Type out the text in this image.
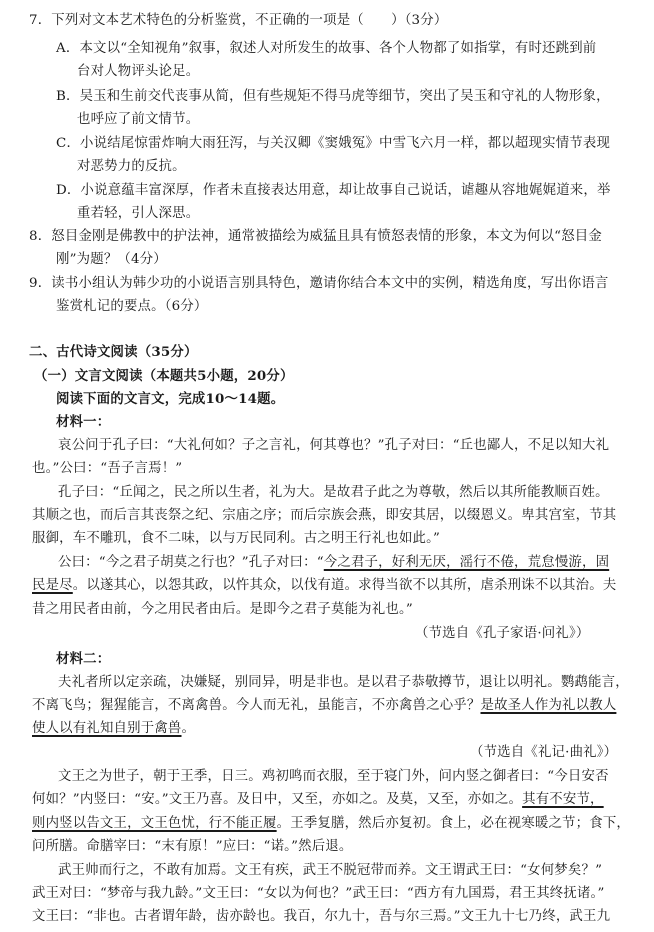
7．下列对文本艺术特色的分析鉴赏，不正确的一项是（　　）（3分）
A．本文以“全知视角”叙事，叙述人对所发生的故事、各个人物都了如指掌，有时还跳到前
台对人物评头论足。
B．吴玉和生前交代丧事从简，但有些规矩不得马虎等细节，突出了吴玉和守礼的人物形象，
也呼应了前文情节。
C．小说结尾惊雷炸响大雨狂泻，与关汉卿《窦娥冤》中雪飞六月一样，都以超现实情节表现
对恶势力的反抗。
D．小说意蕴丰富深厚，作者未直接表达用意，却让故事自己说话，谑趣从容地娓娓道来，举
重若轻，引人深思。
8．怒目金刚是佛教中的护法神，通常被描绘为威猛且具有愤怒表情的形象，本文为何以“怒目金
刚”为题？（4分）
9．读书小组认为韩少功的小说语言别具特色，邀请你结合本文中的实例，精选角度，写出你语言
鉴赏札记的要点。（6分）
二、古代诗文阅读（35分）
（一）文言文阅读（本题共5小题，20分）
阅读下面的文言文，完成10～14题。
材料一：
哀公问于孔子曰：“大礼何如？子之言礼，何其尊也？”孔子对曰：“丘也鄙人，不足以知大礼
也。”公曰：“吾子言焉！”
孔子曰：“丘闻之，民之所以生者，礼为大。是故君子此之为尊敬，然后以其所能教顺百姓。
其顺之也，而后言其丧祭之纪、宗庙之序；而后宗族会燕，即安其居，以缀恩义。卑其宫室，节其
服御，车不雕玑，食不二味，以与万民同利。古之明王行礼也如此。”
公曰：“今之君子胡莫之行也？”孔子对曰：“今之君子，好利无厌，滛行不倦，荒怠慢游，固
民是尽。以遂其心，以怨其政，以忤其众，以伐有道。求得当欲不以其所，虐杀刑诛不以其治。夫
昔之用民者由前，今之用民者由后。是即今之君子莫能为礼也。”
（节选自《孔子家语·问礼》）
材料二：
夫礼者所以定亲疏，决嫌疑，别同异，明是非也。是以君子恭敬撙节，退让以明礼。鹦鹉能言，
不离飞鸟；猩猩能言，不离禽兽。今人而无礼，虽能言，不亦禽兽之心乎？是故圣人作为礼以教人
使人以有礼知自别于禽兽。
（节选自《礼记·曲礼》）
文王之为世子，朝于王季，日三。鸡初鸣而衣服，至于寝门外，问内竖之御者曰：“今日安否
何如？”内竖曰：“安。”文王乃喜。及日中，又至，亦如之。及莫，又至，亦如之。其有不安节，
则内竖以告文王，文王色忧，行不能正履。王季复膳，然后亦复初。食上，必在视寒暖之节；食下，
问所膳。命膳宰曰：“末有原！”应曰：“诺。”然后退。
武王帅而行之，不敢有加焉。文王有疾，武王不脱冠带而养。文王谓武王曰：“女何梦矣？”
武王对曰：“梦帝与我九龄。”文王曰：“女以为何也？”武王曰：“西方有九国焉，君王其终抚诸。”
文王曰：“非也。古者谓年龄，齿亦龄也。我百，尔九十，吾与尔三焉。”文王九十七乃终，武王九
